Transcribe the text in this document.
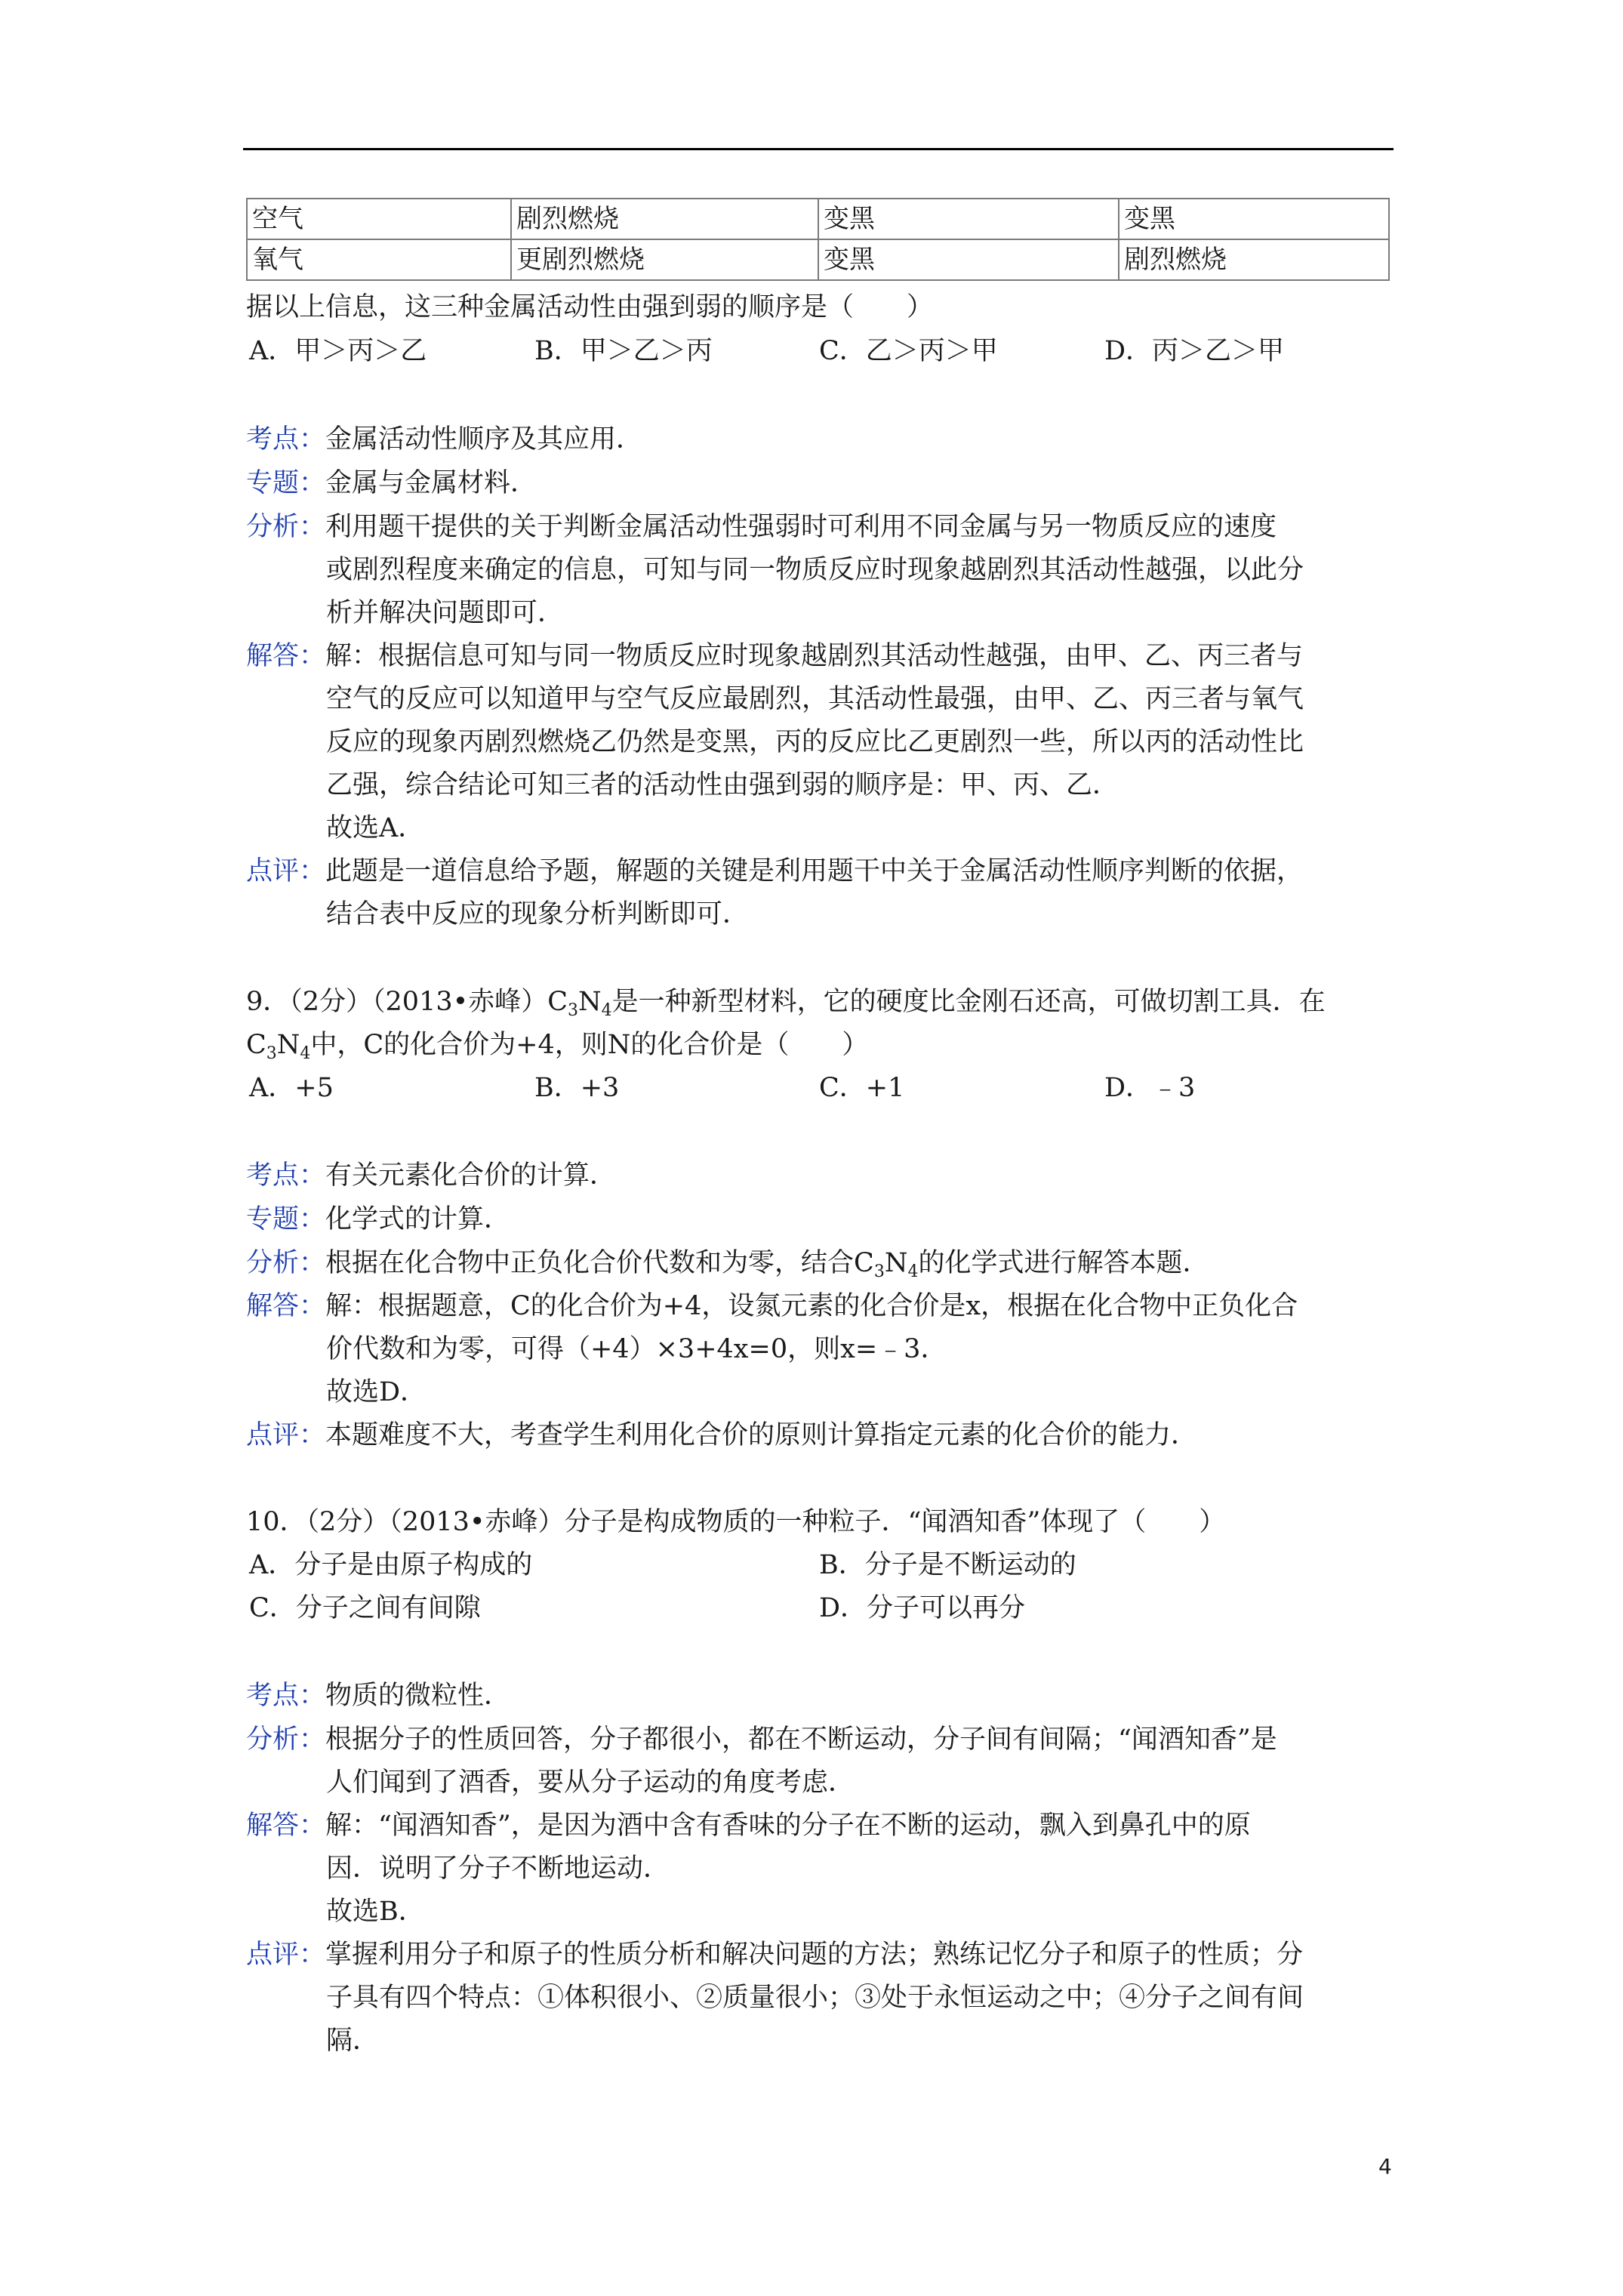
空气	剧烈燃烧	变黑	变黑
氧气	更剧烈燃烧	变黑	剧烈燃烧
据以上信息，这三种金属活动性由强到弱的顺序是（　　）
A．甲＞丙＞乙	B．甲＞乙＞丙	C．乙＞丙＞甲	D．丙＞乙＞甲
考点：金属活动性顺序及其应用．
专题：金属与金属材料．
分析：利用题干提供的关于判断金属活动性强弱时可利用不同金属与另一物质反应的速度
或剧烈程度来确定的信息，可知与同一物质反应时现象越剧烈其活动性越强，以此分
析并解决问题即可．
解答：解：根据信息可知与同一物质反应时现象越剧烈其活动性越强，由甲、乙、丙三者与
空气的反应可以知道甲与空气反应最剧烈，其活动性最强，由甲、乙、丙三者与氧气
反应的现象丙剧烈燃烧乙仍然是变黑，丙的反应比乙更剧烈一些，所以丙的活动性比
乙强，综合结论可知三者的活动性由强到弱的顺序是：甲、丙、乙．
故选A．
点评：此题是一道信息给予题，解题的关键是利用题干中关于金属活动性顺序判断的依据，
结合表中反应的现象分析判断即可．
9．（2分）（2013•赤峰）$C_3N_4$是一种新型材料，它的硬度比金刚石还高，可做切割工具．在
$C_3N_4$中，C的化合价为+4，则N的化合价是（　　）
A．+5	B．+3	C．+1	D．﹣3
考点：有关元素化合价的计算．
专题：化学式的计算．
分析：根据在化合物中正负化合价代数和为零，结合$C_3N_4$的化学式进行解答本题．
解答：解：根据题意，C的化合价为+4，设氮元素的化合价是x，根据在化合物中正负化合
价代数和为零，可得（+4）×3+4x=0，则x=﹣3．
故选D．
点评：本题难度不大，考查学生利用化合价的原则计算指定元素的化合价的能力．
10．（2分）（2013•赤峰）分子是构成物质的一种粒子．“闻酒知香”体现了（　　）
A．分子是由原子构成的	B．分子是不断运动的
C．分子之间有间隙	D．分子可以再分
考点：物质的微粒性．
分析：根据分子的性质回答，分子都很小，都在不断运动，分子间有间隔；“闻酒知香”是
人们闻到了酒香，要从分子运动的角度考虑．
解答：解：“闻酒知香”，是因为酒中含有香味的分子在不断的运动，飘入到鼻孔中的原
因．说明了分子不断地运动．
故选B．
点评：掌握利用分子和原子的性质分析和解决问题的方法；熟练记忆分子和原子的性质；分
子具有四个特点：①体积很小、②质量很小；③处于永恒运动之中；④分子之间有间
隔．
4
